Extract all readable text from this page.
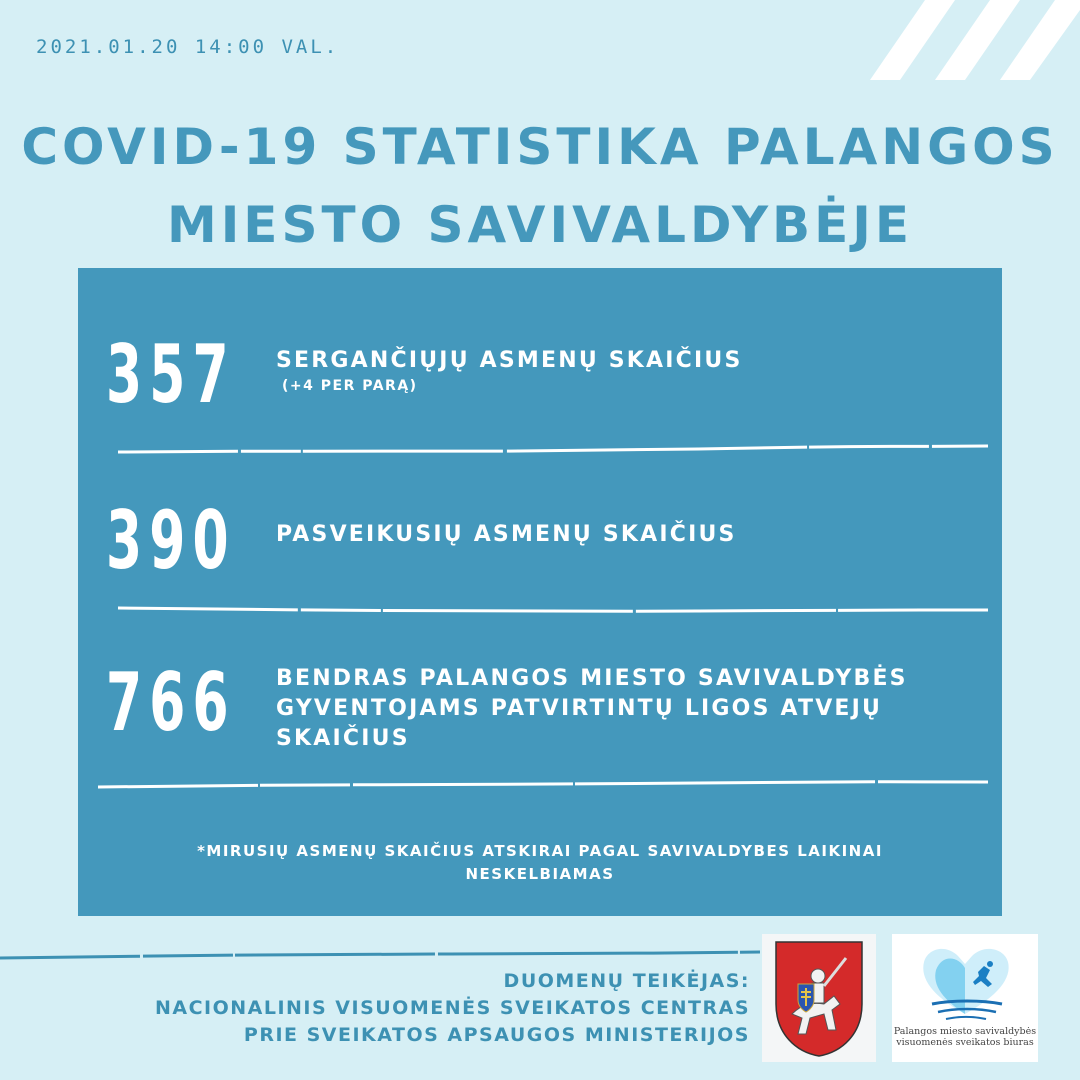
2021.01.20 14:00 VAL.
COVID-19 STATISTIKA PALANGOS
MIESTO SAVIVALDYBĖJE
357 SERGANČIŲJŲ ASMENŲ SKAIČIUS
(+4 PER PARĄ)
390 PASVEIKUSIŲ ASMENŲ SKAIČIUS
766 BENDRAS PALANGOS MIESTO SAVIVALDYBĖS
GYVENTOJAMS PATVIRTINTŲ LIGOS ATVEJŲ
SKAIČIUS
*MIRUSIŲ ASMENŲ SKAIČIUS ATSKIRAI PAGAL SAVIVALDYBES LAIKINAI
NESKELBIAMAS
DUOMENŲ TEIKĖJAS:
NACIONALINIS VISUOMENĖS SVEIKATOS CENTRAS
PRIE SVEIKATOS APSAUGOS MINISTERIJOS	Palangos miesto savivaldybės
visuomenės sveikatos biuras
